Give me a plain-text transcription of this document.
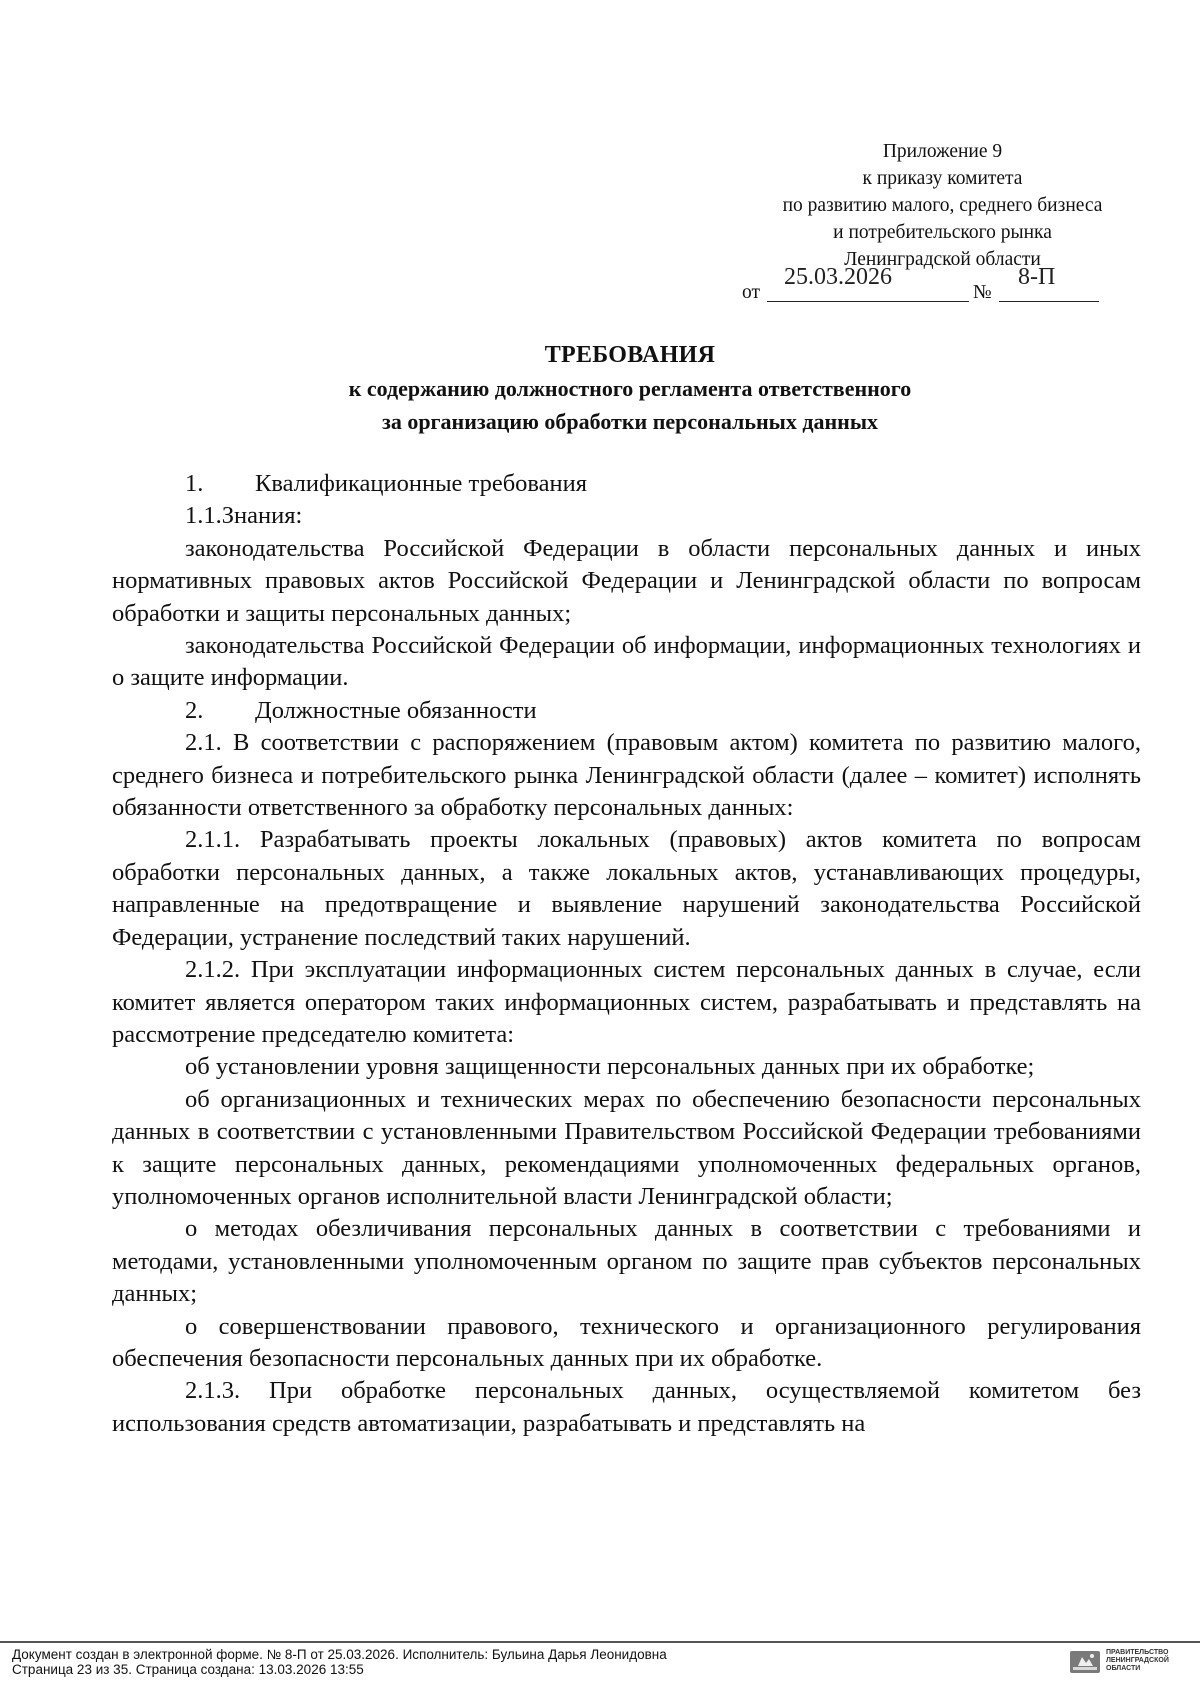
Приложение 9
к приказу комитета
по развитию малого, среднего бизнеса
и потребительского рынка
Ленинградской области
от
25.03.2026
№
8-П
ТРЕБОВАНИЯ
к содержанию должностного регламента ответственного
за организацию обработки персональных данных

1. Квалификационные требования

1.1.Знания:

законодательства Российской Федерации в области персональных данных и иных нормативных правовых актов Российской Федерации и Ленинградской области по вопросам обработки и защиты персональных данных;

законодательства Российской Федерации об информации, информационных технологиях и о защите информации.

2. Должностные обязанности

2.1. В соответствии с распоряжением (правовым актом) комитета по развитию малого, среднего бизнеса и потребительского рынка Ленинградской области (далее – комитет) исполнять обязанности ответственного за обработку персональных данных:

2.1.1. Разрабатывать проекты локальных (правовых) актов комитета по вопросам обработки персональных данных, а также локальных актов, устанавливающих процедуры, направленные на предотвращение и выявление нарушений законодательства Российской Федерации, устранение последствий таких нарушений.

2.1.2. При эксплуатации информационных систем персональных данных в случае, если комитет является оператором таких информационных систем, разрабатывать и представлять на рассмотрение председателю комитета:

об установлении уровня защищенности персональных данных при их обработке;

об организационных и технических мерах по обеспечению безопасности персональных данных в соответствии с установленными Правительством Российской Федерации требованиями к защите персональных данных, рекомендациями уполномоченных федеральных органов, уполномоченных органов исполнительной власти Ленинградской области;

о методах обезличивания персональных данных в соответствии с требованиями и методами, установленными уполномоченным органом по защите прав субъектов персональных данных;

о совершенствовании правового, технического и организационного регулирования обеспечения безопасности персональных данных при их обработке.

2.1.3. При обработке персональных данных, осуществляемой комитетом без использования средств автоматизации, разрабатывать и представлять на

Документ создан в электронной форме. № 8-П от 25.03.2026. Исполнитель: Бульина Дарья Леонидовна
Страница 23 из 35. Страница создана: 13.03.2026 13:55
ПРАВИТЕЛЬСТВО
ЛЕНИНГРАДСКОЙ
ОБЛАСТИ
